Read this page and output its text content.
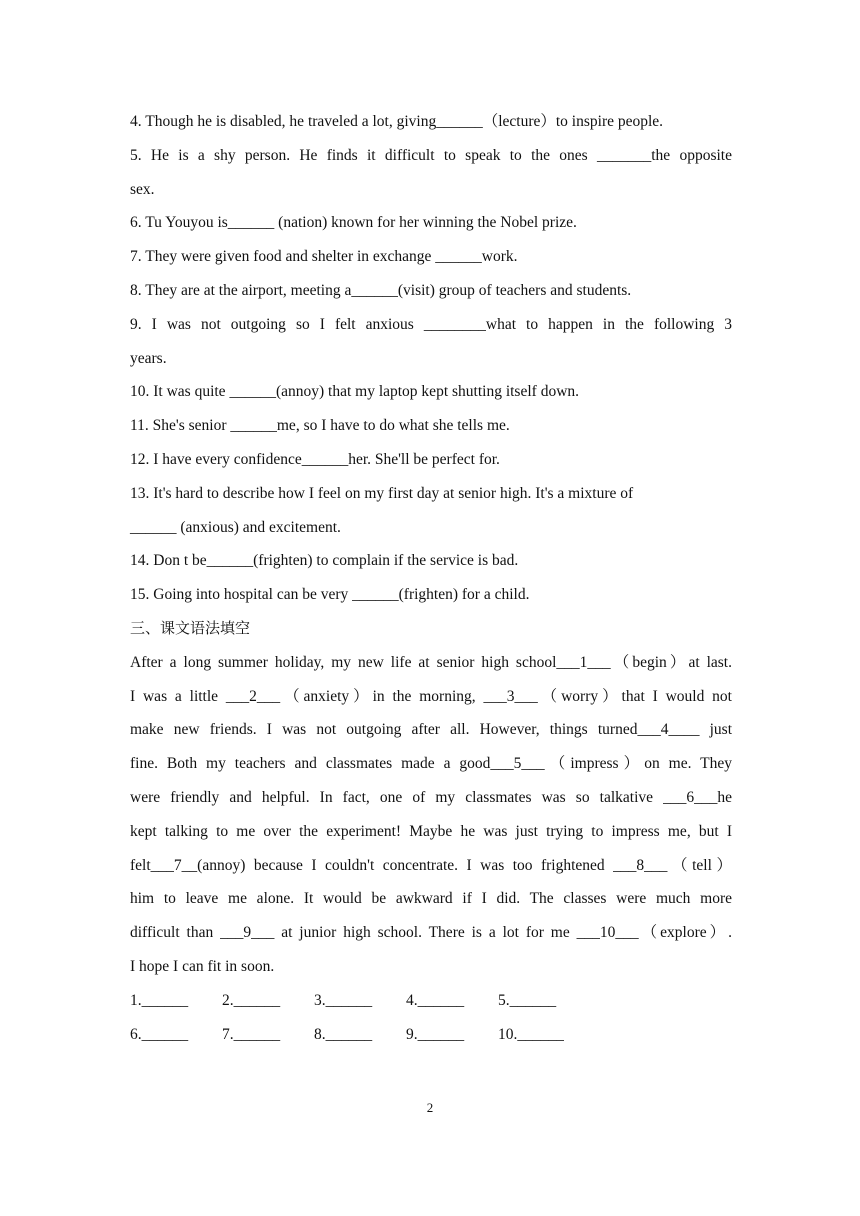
4. Though he is disabled, he traveled a lot, giving______（lecture）to inspire people.
5. He is a shy person. He finds it difficult to speak to the ones _______the opposite
sex.
6. Tu Youyou is______ (nation) known for her winning the Nobel prize.
7. They were given food and shelter in exchange ______work.
8. They are at the airport, meeting a______(visit) group of teachers and students.
9. I was not outgoing so I felt anxious ________what to happen in the following 3
years.
10. It was quite ______(annoy) that my laptop kept shutting itself down.
11. She's senior ______me, so I have to do what she tells me.
12. I have every confidence______her. She'll be perfect for.
13. It's hard to describe how I feel on my first day at senior high. It's a mixture of
______ (anxious) and excitement.
14. Don t be______(frighten) to complain if the service is bad.
15. Going into hospital can be very ______(frighten) for a child.
三、课文语法填空
After a long summer holiday, my new life at senior high school___1___（begin）at last.
I was a little ___2___（anxiety）in the morning, ___3___（worry）that I would not
make new friends. I was not outgoing after all. However, things turned___4____ just
fine. Both my teachers and classmates made a good___5___（impress）on me. They
were friendly and helpful. In fact, one of my classmates was so talkative ___6___he
kept talking to me over the experiment! Maybe he was just trying to impress me, but I
felt___7__(annoy) because I couldn't concentrate. I was too frightened ___8___（tell）
him to leave me alone. It would be awkward if I did. The classes were much more
difficult than ___9___ at junior high school. There is a lot for me ___10___（explore）.
I hope I can fit in soon.
1.______	2.______	3.______	4.______	5.______
6.______	7.______	8.______	9.______	10.______
2
